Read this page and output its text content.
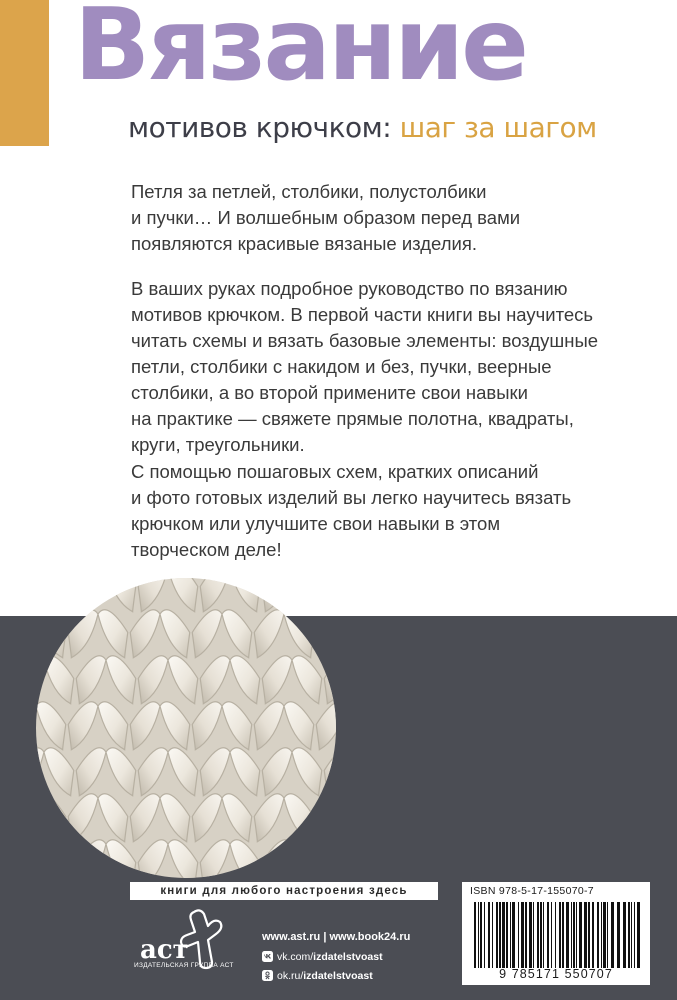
Вязание
мотивов крючком: шаг за шагом

Петля за петлей, столбики, полустолбики
и пучки… И волшебным образом перед вами
появляются красивые вязаные изделия.

В ваших руках подробное руководство по вязанию
мотивов крючком. В первой части книги вы научитесь
читать схемы и вязать базовые элементы: воздушные
петли, столбики с накидом и без, пучки, веерные
столбики, а во второй примените свои навыки
на практике — свяжете прямые полотна, квадраты,
круги, треугольники.

С помощью пошаговых схем, кратких описаний
и фото готовых изделий вы легко научитесь вязать
крючком или улучшите свои навыки в этом
творческом деле!

книги для любого настроения здесь
аст
ИЗДАТЕЛЬСКАЯ ГРУППА АСТ
www.ast.ru | www.book24.ru
vk.com/ izdatelstvoast
ok.ru/ izdatelstvoast
ISBN 978-5-17-155070-7
9 785171 550707
